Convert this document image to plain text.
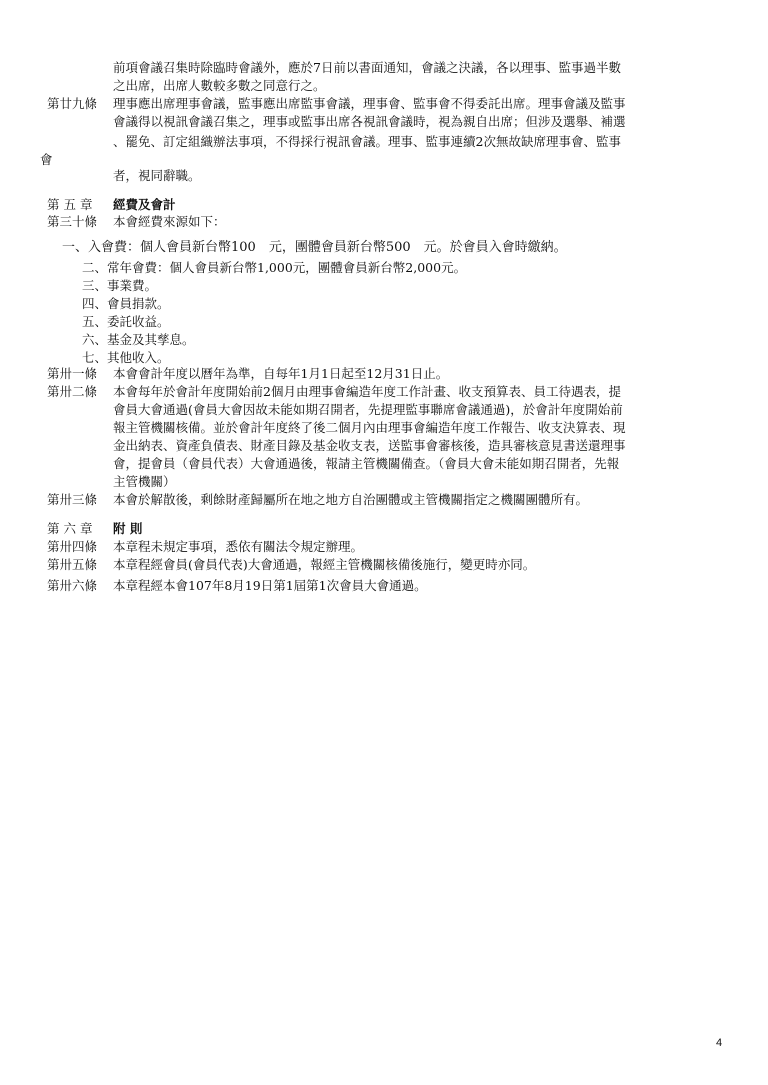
前項會議召集時除臨時會議外，應於7日前以書面通知，會議之決議，各以理事、監事過半數
之出席，出席人數較多數之同意行之。
第廿九條 理事應出席理事會議，監事應出席監事會議，理事會、監事會不得委託出席。理事會議及監事
會議得以視訊會議召集之，理事或監事出席各視訊會議時，視為親自出席；但涉及選舉、補選
、罷免、訂定組織辦法事項，不得採行視訊會議。理事、監事連續2次無故缺席理事會、監事
會
者，視同辭職。
第 五 章 經費及會計
第三十條 本會經費來源如下：
一、入會費：個人會員新台幣100　元，團體會員新台幣500　元。於會員入會時繳納。
二、常年會費：個人會員新台幣1,000元，團體會員新台幣2,000元。
三、事業費。
四、會員捐款。
五、委託收益。
六、基金及其孳息。
七、其他收入。
第卅一條 本會會計年度以曆年為準，自每年1月1日起至12月31日止。
第卅二條 本會每年於會計年度開始前2個月由理事會編造年度工作計畫、收支預算表、員工待遇表，提
會員大會通過(會員大會因故未能如期召開者，先提理監事聯席會議通過)，於會計年度開始前
報主管機關核備。並於會計年度終了後二個月內由理事會編造年度工作報告、收支決算表、現
金出納表、資產負債表、財產目錄及基金收支表，送監事會審核後，造具審核意見書送還理事
會，提會員（會員代表）大會通過後，報請主管機關備查。（會員大會未能如期召開者，先報
主管機關）
第卅三條 本會於解散後，剩餘財產歸屬所在地之地方自治團體或主管機關指定之機關團體所有。
第 六 章 附 則
第卅四條 本章程未規定事項，悉依有關法令規定辦理。
第卅五條 本章程經會員(會員代表)大會通過，報經主管機關核備後施行，變更時亦同。
第卅六條 本章程經本會107年8月19日第1屆第1次會員大會通過。
4
